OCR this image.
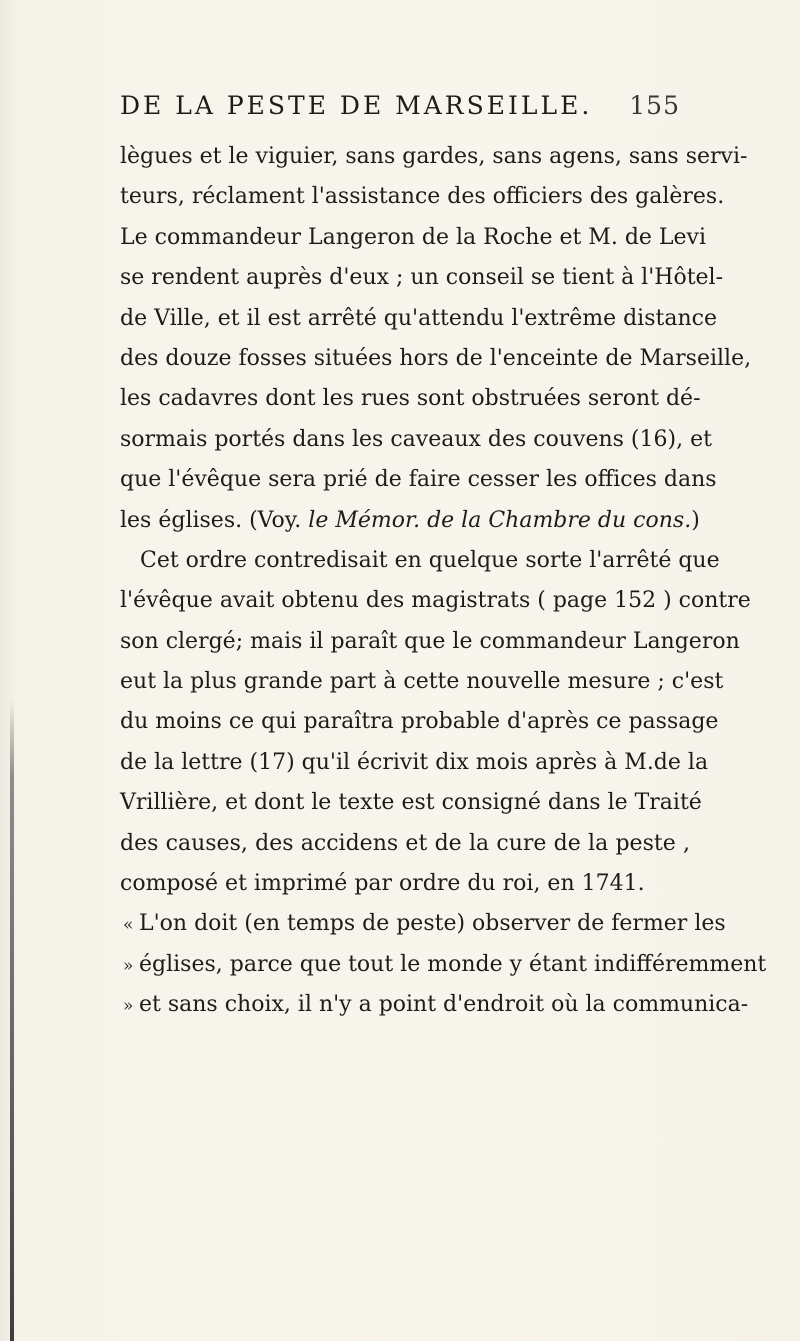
DE LA PESTE DE MARSEILLE. 155
lègues et le viguier, sans gardes, sans agens, sans servi-
teurs, réclament l'assistance des officiers des galères.
Le commandeur Langeron de la Roche et M. de Levi
se rendent auprès d'eux ; un conseil se tient à l'Hôtel-
de Ville, et il est arrêté qu'attendu l'extrême distance
des douze fosses situées hors de l'enceinte de Marseille,
les cadavres dont les rues sont obstruées seront dé-
sormais portés dans les caveaux des couvens (16), et
que l'évêque sera prié de faire cesser les offices dans
les églises. (Voy. le Mémor. de la Chambre du cons.)
Cet ordre contredisait en quelque sorte l'arrêté que
l'évêque avait obtenu des magistrats ( page 152 ) contre
son clergé; mais il paraît que le commandeur Langeron
eut la plus grande part à cette nouvelle mesure ; c'est
du moins ce qui paraîtra probable d'après ce passage
de la lettre (17) qu'il écrivit dix mois après à M.de la
Vrillière, et dont le texte est consigné dans le Traité
des causes, des accidens et de la cure de la peste ,
composé et imprimé par ordre du roi, en 1741.
« L'on doit (en temps de peste) observer de fermer les
» églises, parce que tout le monde y étant indifféremment
» et sans choix, il n'y a point d'endroit où la communica-
